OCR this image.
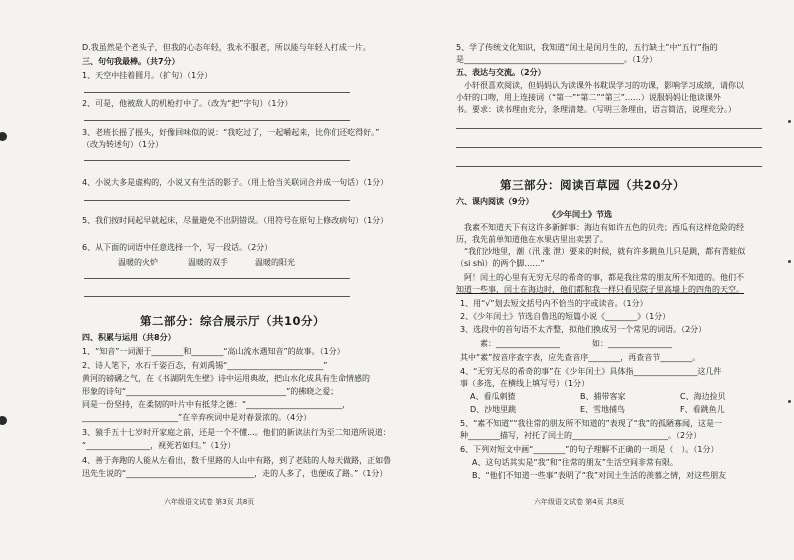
D.我虽然是个老头子，但我的心态年轻，我永不服老，所以能与年轻人打成一片。
三、句句我最棒。（共7分）
1、天空中挂着圆月。（扩句）（1分）
2、可是，他被敌人的机枪打中了。（改为“把”字句）（1分）
3、老班长摇了摇头，好像回味似的说：“我吃过了，一起嚼起来，比你们还吃得好。”
（改为转述句）（1分）
4、小说大多是虚构的，小说又有生活的影子。（用上恰当关联词合并成一句话）（1分）
5、我们按时间起早就起床，尽量避免不出阴错误。（用符号在原句上修改病句）（1分）
6、从下面的词语中任意选择一个，写一段话。（2分）
温暖的火炉	温暖的双手	温暖的阳光
第二部分：综合展示厅（共10分）
四、积累与运用（共8分）
1、“知音”一词源于________和________“高山流水遇知音”的故事。（1分）
2、诗人笔下，水石千姿百态，有刘禹锡“________________________”
黄河的磅礴之气，在《书湖阴先生壁》诗中运用典故，把山水化成具有生命情感的
形象的诗句“________________________________________”的拂晓之爱；
同是一份坚持，在柔韧的叶片中有抵芽之德：“________________________，
________________________”在辛弃疾词中是对春景浓的。（4分）
3、猿手五十七岁时开家庭之前，还是一个不懂...。他们的新读法行为至二知道所说道：
“________________，视死若如归。”（1分）
4、善于奔跑的人能从左看出，数千里路的人山中有路，到了老陆的人每天做路，正如鲁
迅先生说的“________________________________，走的人多了，也便成了路。”（1分）
六年级语文试卷 第3页 共8页
5、学了传统文化知识，我知道“闰土是闰月生的，五行缺土”中“五行”指的
是________________________________________。（1分）
五、表达与交流。（2分）
小轩很喜欢阅读，但妈妈认为读课外书耽误学习的功课，影响学习成绩，请你以
小轩的口吻，用上连接词（“第一”“第二”“第三”……）说服妈妈让他读课外
书。要求：读书理由充分，条理清楚。（写明三条理由，语言简洁，说理充分。）
第三部分：阅读百草园（共20分）
六、课内阅读（9分）
《少年闰土》节选
我素不知道天下有这许多新鲜事：海边有如许五色的贝壳；西瓜有这样危险的经
历，我先前单知道他在水果店里出卖罢了。
“我们沙地里，潮（汛 涨 泄）要来的时候，就有许多跳鱼儿只是跳，都有青蛙似
（si shì）的两个脚……”
阿！闰土的心里有无穷无尽的希奇的事，都是我往常的朋友所不知道的。他们不
知道一些事，闰土在海边时，他们都和我一样只看见院子里高墙上的四角的天空。
1、用“√”划去短文括号内不恰当的字或读音。（1分）
2、《少年闰土》节选自鲁迅的短篇小说《________》（1分）
3、选段中的首句语不太齐整，拟他们换成另一个常见的词语。（2分）
素：________________　　　　如：________________
其中“素”按音序查字表，应先查音序________，再查音节________。
4、“无穷无尽的希奇的事”在《少年闰土》具体指________________这几件
事（多选，在横线上填写号）（1分）
A、看瓜刺猹	B、捕带客家	C、海边捡贝
D、沙地里跳	E、雪地捕鸟	F、看跳鱼儿
5、“素不知道”“我往常的朋友所不知道的”表现了“我”的孤陋寡闻，这是一
种________描写，衬托了闰土的________________________。（2分）
6、下列对短文中画“________”的句子理解不正确的一项是（　）。（1分）
A、这句话其实是“我”和“往常的朋友”生活空间非常有限。
B、“他们不知道一些事”表明了“我”对闰土生活的羡慕之情，对这些朋友
六年级语文试卷 第4页 共8页
